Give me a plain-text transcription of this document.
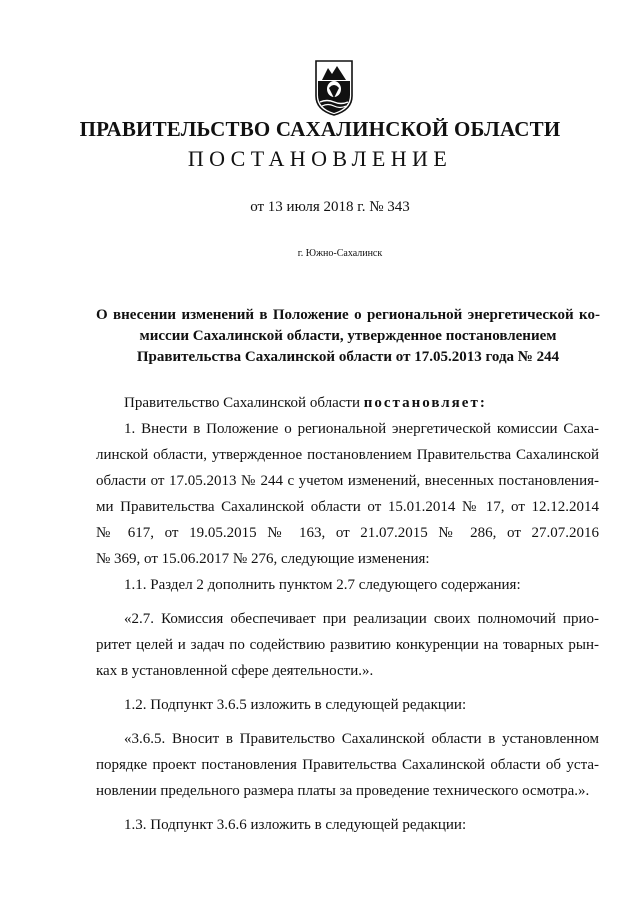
ПРАВИТЕЛЬСТВО САХАЛИНСКОЙ ОБЛАСТИ
ПОСТАНОВЛЕНИЕ
от 13 июля 2018 г. № 343
г. Южно-Сахалинск
О внесении изменений в Положение о региональной энергетической ко-
миссии Сахалинской области, утвержденное постановлением
Правительства Сахалинской области от 17.05.2013 года № 244
Правительство Сахалинской области постановляет:
1. Внести в Положение о региональной энергетической комиссии Саха-
линской области, утвержденное постановлением Правительства Сахалинской
области от 17.05.2013 № 244 с учетом изменений, внесенных постановления-
ми Правительства Сахалинской области от 15.01.2014 № 17, от 12.12.2014
№ 617, от 19.05.2015 № 163, от 21.07.2015 № 286, от 27.07.2016
№ 369, от 15.06.2017 № 276, следующие изменения:
1.1. Раздел 2 дополнить пунктом 2.7 следующего содержания:
«2.7. Комиссия обеспечивает при реализации своих полномочий прио-
ритет целей и задач по содействию развитию конкуренции на товарных рын-
ках в установленной сфере деятельности.».
1.2. Подпункт 3.6.5 изложить в следующей редакции:
«3.6.5. Вносит в Правительство Сахалинской области в установленном
порядке проект постановления Правительства Сахалинской области об уста-
новлении предельного размера платы за проведение технического осмотра.».
1.3. Подпункт 3.6.6 изложить в следующей редакции:
